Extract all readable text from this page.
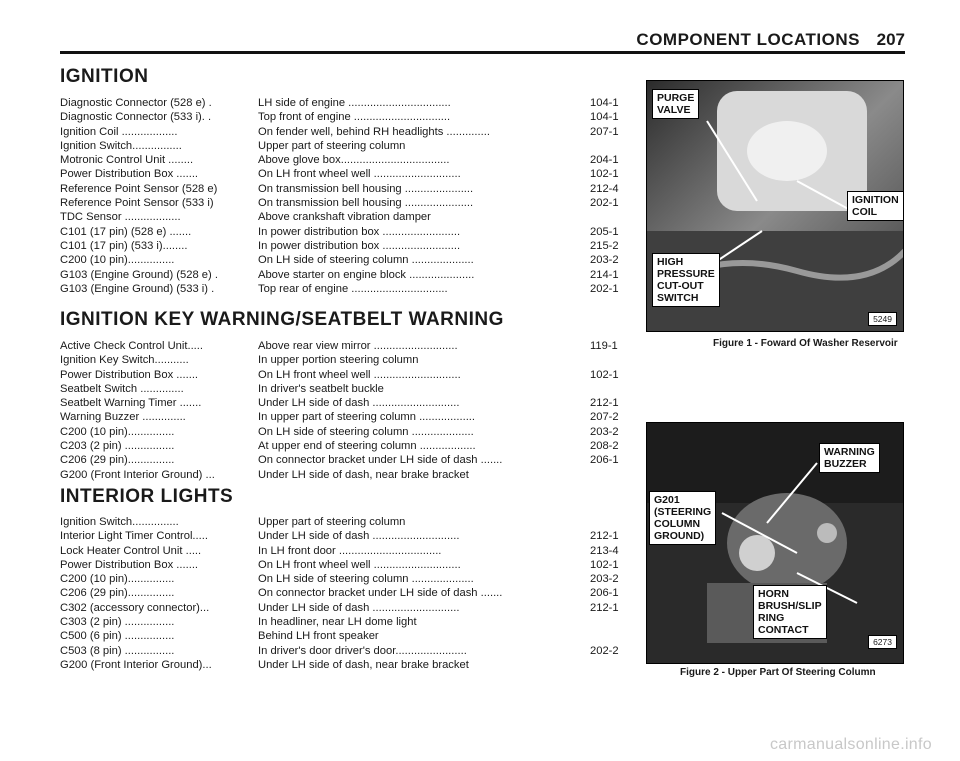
COMPONENT LOCATIONS 207
IGNITION
Diagnostic Connector (528 e) .	LH side of engine .................................	104-1
Diagnostic Connector (533 i). .	Top front of engine ...............................	104-1
Ignition Coil ..................	On fender well, behind RH headlights ..............	207-1
Ignition Switch................	Upper part of steering column
Motronic Control Unit ........	Above glove box...................................	204-1
Power Distribution Box .......	On LH front wheel well ............................	102-1
Reference Point Sensor (528 e)	On transmission bell housing ......................	212-4
Reference Point Sensor (533 i)	On transmission bell housing ......................	202-1
TDC Sensor ..................	Above crankshaft vibration damper
C101 (17 pin) (528 e) .......	In power distribution box .........................	205-1
C101 (17 pin) (533 i)........	In power distribution box .........................	215-2
C200 (10 pin)...............	On LH side of steering column ....................	203-2
G103 (Engine Ground) (528 e) .	Above starter on engine block .....................	214-1
G103 (Engine Ground) (533 i) .	Top rear of engine ...............................	202-1
IGNITION KEY WARNING/SEATBELT WARNING
Active Check Control Unit.....	Above rear view mirror ...........................	119-1
Ignition Key Switch...........	In upper portion steering column
Power Distribution Box .......	On LH front wheel well ............................	102-1
Seatbelt Switch ..............	In driver's seatbelt buckle
Seatbelt Warning Timer .......	Under LH side of dash ............................	212-1
Warning Buzzer ..............	In upper part of steering column ..................	207-2
C200 (10 pin)...............	On LH side of steering column ....................	203-2
C203 (2 pin) ................	At upper end of steering column ..................	208-2
C206 (29 pin)...............	On connector bracket under LH side of dash .......	206-1
G200 (Front Interior Ground) ...	Under LH side of dash, near brake bracket
INTERIOR LIGHTS
Ignition Switch...............	Upper part of steering column
Interior Light Timer Control.....	Under LH side of dash ............................	212-1
Lock Heater Control Unit .....	In LH front door .................................	213-4
Power Distribution Box .......	On LH front wheel well ............................	102-1
C200 (10 pin)...............	On LH side of steering column ....................	203-2
C206 (29 pin)...............	On connector bracket under LH side of dash .......	206-1
C302 (accessory connector)...	Under LH side of dash ............................	212-1
C303 (2 pin) ................	In headliner, near LH dome light
C500 (6 pin) ................	Behind LH front speaker
C503 (8 pin) ................	In driver's door driver's door.......................	202-2
G200 (Front Interior Ground)...	Under LH side of dash, near brake bracket
PURGE
VALVE
IGNITION
COIL
HIGH
PRESSURE
CUT-OUT
SWITCH
5249
Figure 1 - Foward Of Washer Reservoir
WARNING
BUZZER
G201
(STEERING
COLUMN
GROUND)
HORN
BRUSH/SLIP
RING
CONTACT
6273
Figure 2 - Upper Part Of Steering Column
carmanualsonline.info
